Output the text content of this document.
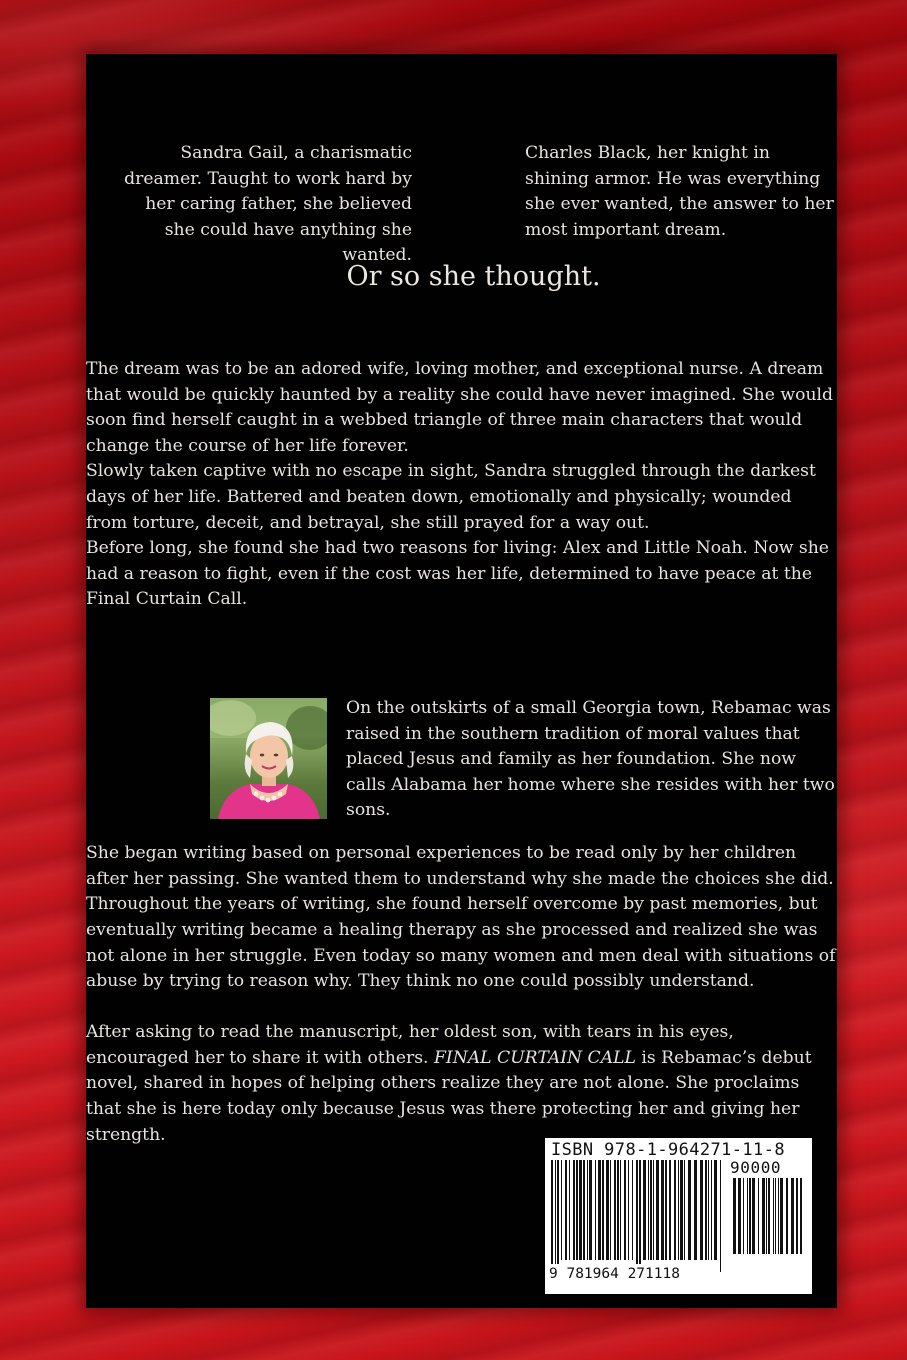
Sandra Gail, a charismatic dreamer. Taught to work hard by her caring father, she believed she could have anything she wanted.
Charles Black, her knight in shining armor. He was everything she ever wanted, the answer to her most important dream.
Or so she thought.

The dream was to be an adored wife, loving mother, and exceptional nurse. A dream that would be quickly haunted by a reality she could have never imagined. She would soon find herself caught in a webbed triangle of three main characters that would change the course of her life forever.

Slowly taken captive with no escape in sight, Sandra struggled through the darkest days of her life. Battered and beaten down, emotionally and physically; wounded from torture, deceit, and betrayal, she still prayed for a way out.

Before long, she found she had two reasons for living: Alex and Little Noah. Now she had a reason to fight, even if the cost was her life, determined to have peace at the Final Curtain Call.

On the outskirts of a small Georgia town, Rebamac was raised in the southern tradition of moral values that placed Jesus and family as her foundation. She now calls Alabama her home where she resides with her two sons.

She began writing based on personal experiences to be read only by her children after her passing. She wanted them to understand why she made the choices she did. Throughout the years of writing, she found herself overcome by past memories, but eventually writing became a healing therapy as she processed and realized she was not alone in her struggle. Even today so many women and men deal with situations of abuse by trying to reason why. They think no one could possibly understand.

After asking to read the manuscript, her oldest son, with tears in his eyes, encouraged her to share it with others. FINAL CURTAIN CALL is Rebamac’s debut novel, shared in hopes of helping others realize they are not alone. She proclaims that she is here today only because Jesus was there protecting her and giving her strength.

ISBN 978-1-964271-11-8
90000
9 781964 271118
